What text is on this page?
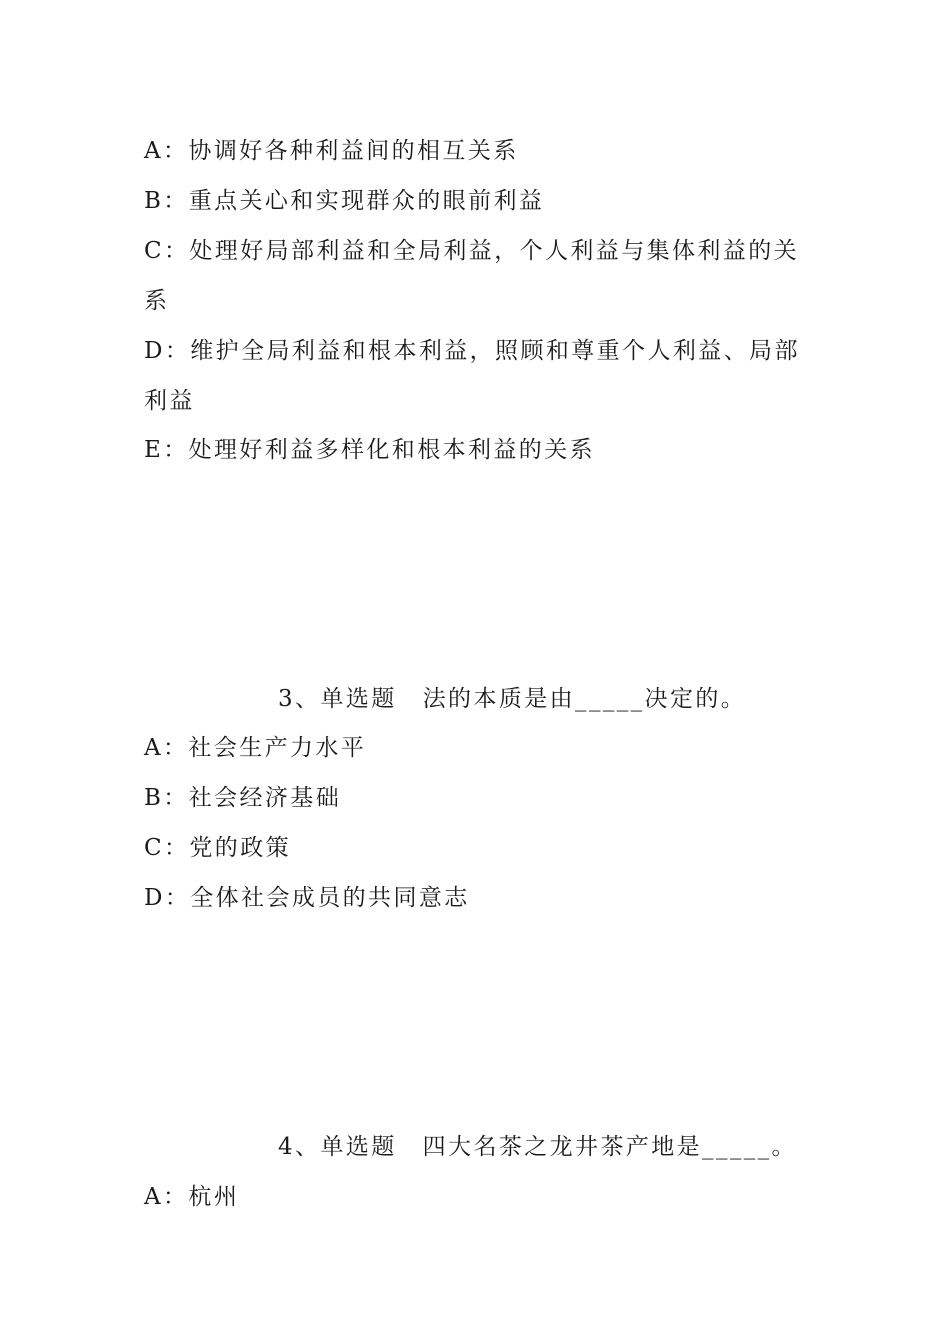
A：协调好各种利益间的相互关系
B：重点关心和实现群众的眼前利益
C：处理好局部利益和全局利益，个人利益与集体利益的关
系
D：维护全局利益和根本利益，照顾和尊重个人利益、局部
利益
E：处理好利益多样化和根本利益的关系
3、单选题 法的本质是由_____决定的。
A：社会生产力水平
B：社会经济基础
C：党的政策
D：全体社会成员的共同意志
4、单选题 四大名茶之龙井茶产地是_____。
A：杭州
